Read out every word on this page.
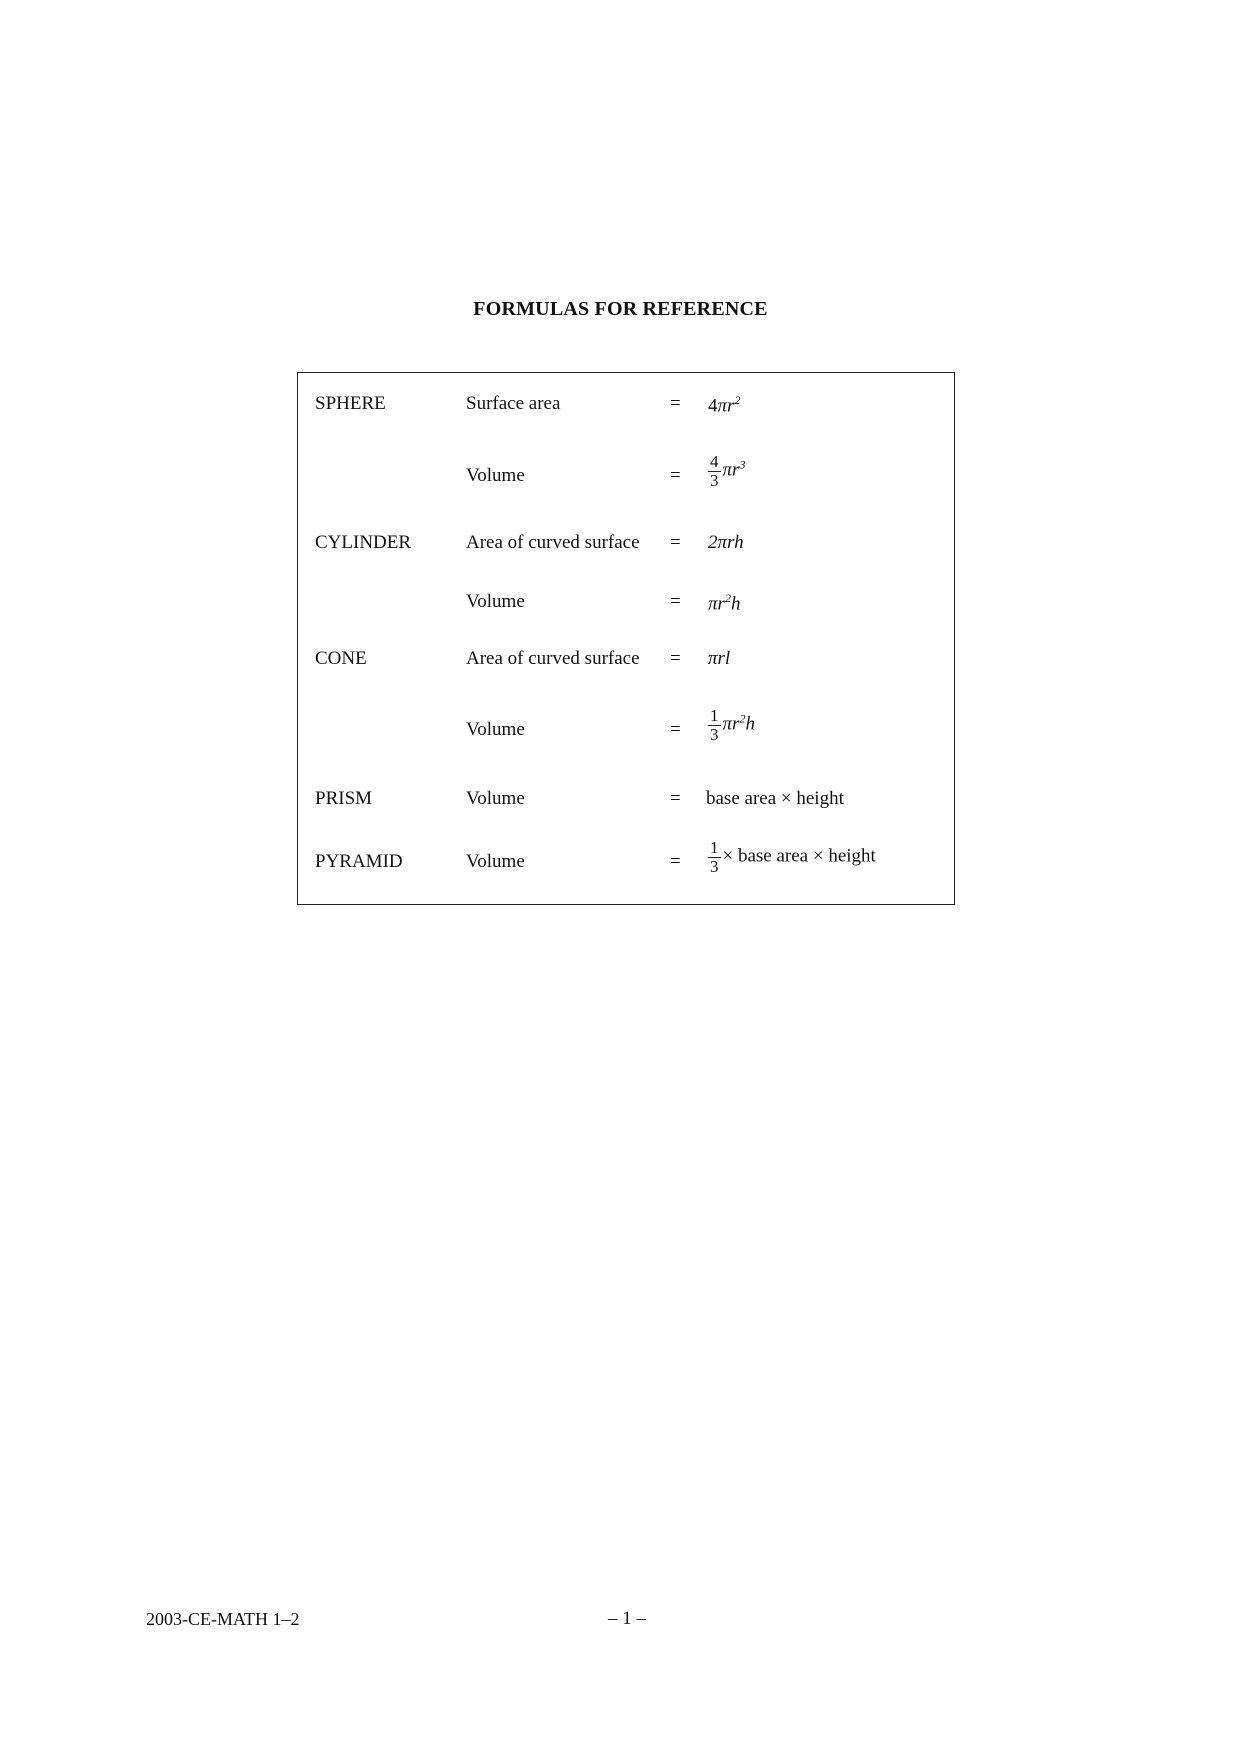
FORMULAS FOR REFERENCE
SPHERE	Surface area	= $4\pi r^2$
Volume	= $\frac{4}{3} \pi r^3$
CYLINDER	Area of curved surface = 2πrh
Volume	= $\pi r^2h$
CONE	Area of curved surface = πrl
Volume	= $\frac{1}{3} \pi r^2h$
PRISM	Volume	= base area × height
PYRAMID	Volume	= $\frac{1}{3}$ × base area × height
2003-CE-MATH 1–2	– 1 –
